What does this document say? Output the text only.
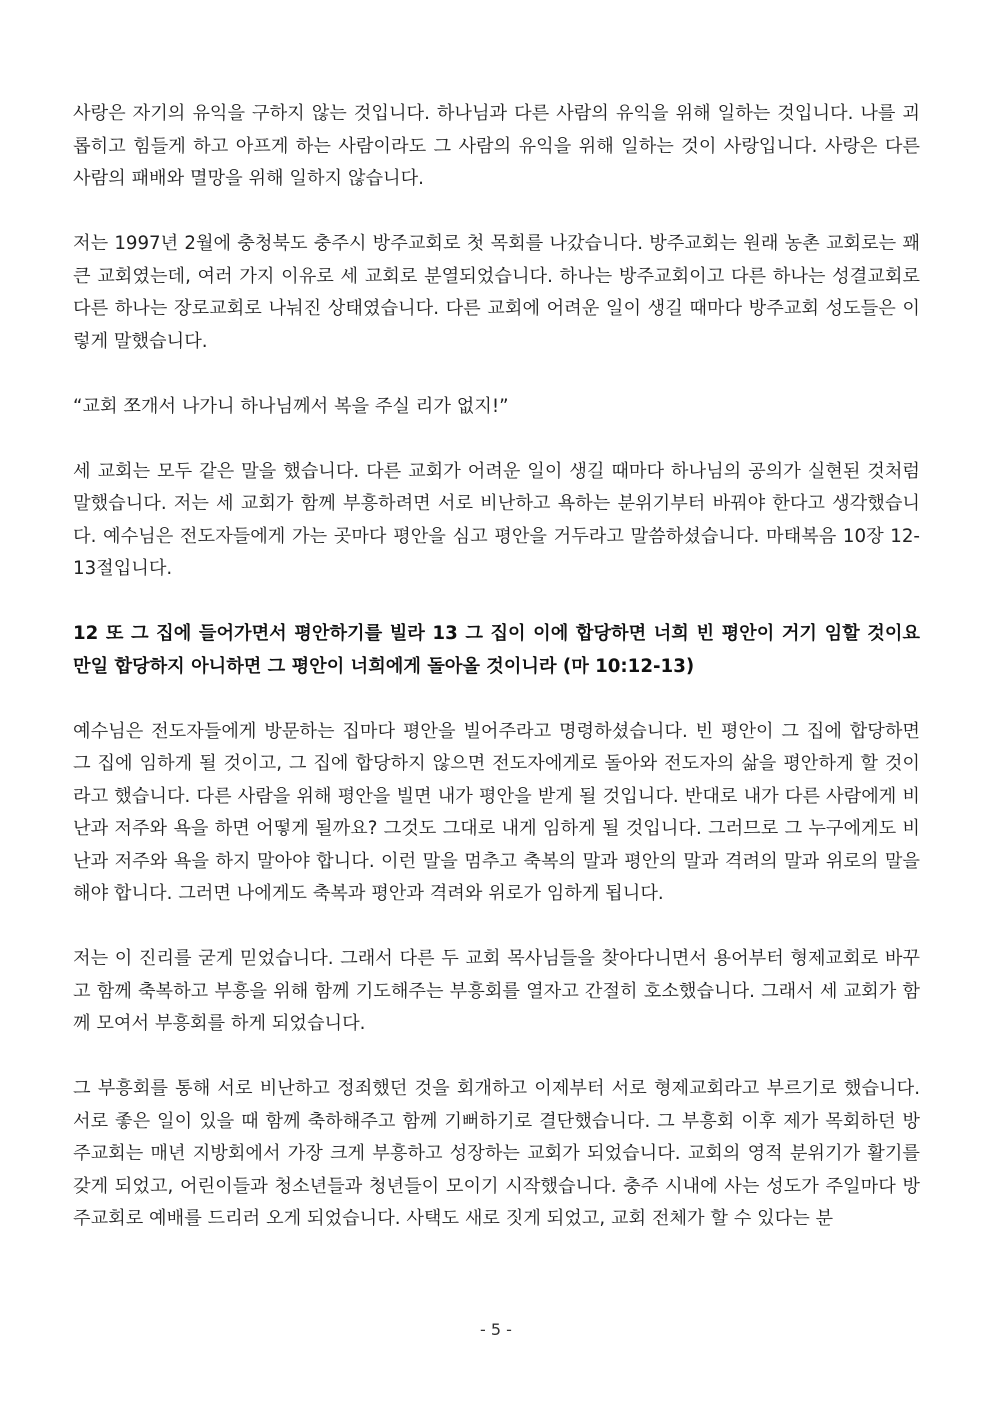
사랑은 자기의 유익을 구하지 않는 것입니다. 하나님과 다른 사람의 유익을 위해 일하는 것입니다. 나를 괴롭히고 힘들게 하고 아프게 하는 사람이라도 그 사람의 유익을 위해 일하는 것이 사랑입니다. 사랑은 다른 사람의 패배와 멸망을 위해 일하지 않습니다.

저는 1997년 2월에 충청북도 충주시 방주교회로 첫 목회를 나갔습니다. 방주교회는 원래 농촌 교회로는 꽤 큰 교회였는데, 여러 가지 이유로 세 교회로 분열되었습니다. 하나는 방주교회이고 다른 하나는 성결교회로 다른 하나는 장로교회로 나눠진 상태였습니다. 다른 교회에 어려운 일이 생길 때마다 방주교회 성도들은 이렇게 말했습니다.

“교회 쪼개서 나가니 하나님께서 복을 주실 리가 없지!”

세 교회는 모두 같은 말을 했습니다. 다른 교회가 어려운 일이 생길 때마다 하나님의 공의가 실현된 것처럼 말했습니다. 저는 세 교회가 함께 부흥하려면 서로 비난하고 욕하는 분위기부터 바꿔야 한다고 생각했습니다. 예수님은 전도자들에게 가는 곳마다 평안을 심고 평안을 거두라고 말씀하셨습니다. 마태복음 10장 12-13절입니다.

12 또 그 집에 들어가면서 평안하기를 빌라 13 그 집이 이에 합당하면 너희 빈 평안이 거기 임할 것이요 만일 합당하지 아니하면 그 평안이 너희에게 돌아올 것이니라 (마 10:12-13)

예수님은 전도자들에게 방문하는 집마다 평안을 빌어주라고 명령하셨습니다. 빈 평안이 그 집에 합당하면 그 집에 임하게 될 것이고, 그 집에 합당하지 않으면 전도자에게로 돌아와 전도자의 삶을 평안하게 할 것이라고 했습니다. 다른 사람을 위해 평안을 빌면 내가 평안을 받게 될 것입니다. 반대로 내가 다른 사람에게 비난과 저주와 욕을 하면 어떻게 될까요? 그것도 그대로 내게 임하게 될 것입니다. 그러므로 그 누구에게도 비난과 저주와 욕을 하지 말아야 합니다. 이런 말을 멈추고 축복의 말과 평안의 말과 격려의 말과 위로의 말을 해야 합니다. 그러면 나에게도 축복과 평안과 격려와 위로가 임하게 됩니다.

저는 이 진리를 굳게 믿었습니다. 그래서 다른 두 교회 목사님들을 찾아다니면서 용어부터 형제교회로 바꾸고 함께 축복하고 부흥을 위해 함께 기도해주는 부흥회를 열자고 간절히 호소했습니다. 그래서 세 교회가 함께 모여서 부흥회를 하게 되었습니다.

그 부흥회를 통해 서로 비난하고 정죄했던 것을 회개하고 이제부터 서로 형제교회라고 부르기로 했습니다. 서로 좋은 일이 있을 때 함께 축하해주고 함께 기뻐하기로 결단했습니다. 그 부흥회 이후 제가 목회하던 방주교회는 매년 지방회에서 가장 크게 부흥하고 성장하는 교회가 되었습니다. 교회의 영적 분위기가 활기를 갖게 되었고, 어린이들과 청소년들과 청년들이 모이기 시작했습니다. 충주 시내에 사는 성도가 주일마다 방주교회로 예배를 드리러 오게 되었습니다. 사택도 새로 짓게 되었고, 교회 전체가 할 수 있다는 분

- 5 -
